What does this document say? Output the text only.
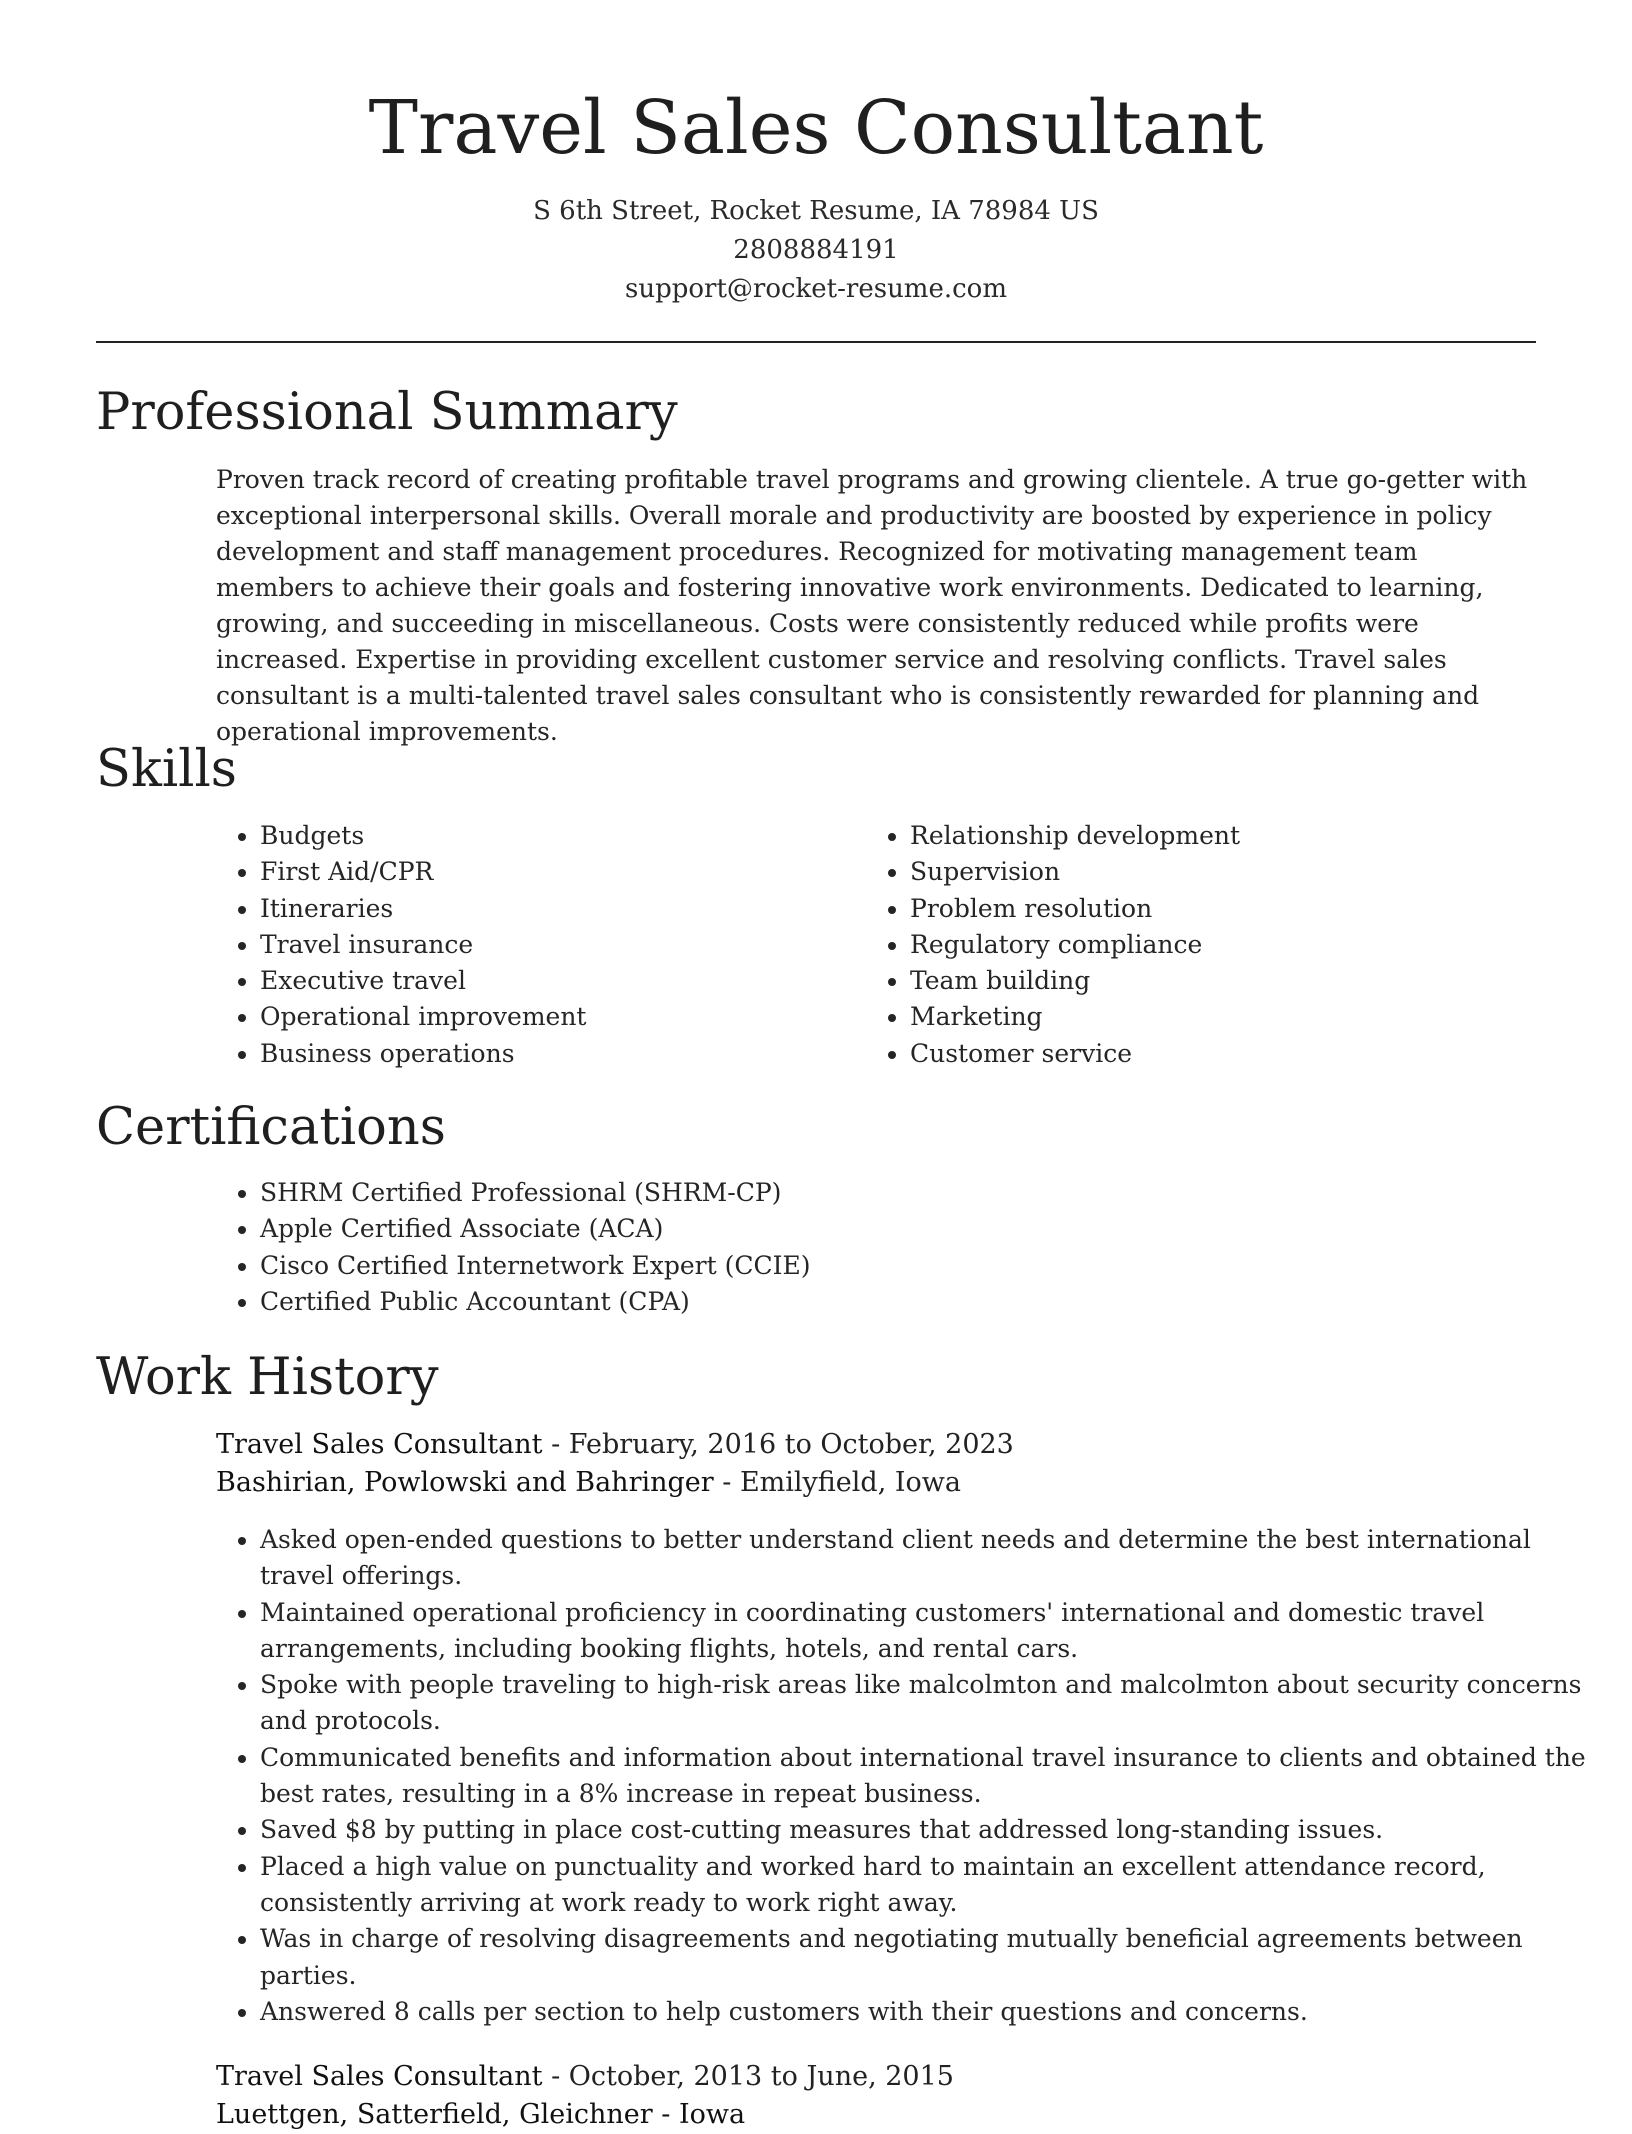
Travel Sales Consultant

S 6th Street, Rocket Resume, IA 78984 US

2808884191

support@rocket-resume.com

Professional Summary

Proven track record of creating profitable travel programs and growing clientele. A true go-getter with exceptional interpersonal skills. Overall morale and productivity are boosted by experience in policy development and staff management procedures. Recognized for motivating management team members to achieve their goals and fostering innovative work environments. Dedicated to learning, growing, and succeeding in miscellaneous. Costs were consistently reduced while profits were increased. Expertise in providing excellent customer service and resolving conflicts. Travel sales consultant is a multi-talented travel sales consultant who is consistently rewarded for planning and operational improvements.

Skills
• Budgets
• First Aid/CPR
• Itineraries
• Travel insurance
• Executive travel
• Operational improvement
• Business operations
• Relationship development
• Supervision
• Problem resolution
• Regulatory compliance
• Team building
• Marketing
• Customer service
Certifications
• SHRM Certified Professional (SHRM-CP)
• Apple Certified Associate (ACA)
• Cisco Certified Internetwork Expert (CCIE)
• Certified Public Accountant (CPA)
Work History
Travel Sales Consultant - February, 2016 to October, 2023
Bashirian, Powlowski and Bahringer - Emilyfield, Iowa
• Asked open-ended questions to better understand client needs and determine the best international travel offerings.
• Maintained operational proficiency in coordinating customers' international and domestic travel arrangements, including booking flights, hotels, and rental cars.
• Spoke with people traveling to high-risk areas like malcolmton and malcolmton about security concerns and protocols.
• Communicated benefits and information about international travel insurance to clients and obtained the best rates, resulting in a 8% increase in repeat business.
• Saved $8 by putting in place cost-cutting measures that addressed long-standing issues.
• Placed a high value on punctuality and worked hard to maintain an excellent attendance record, consistently arriving at work ready to work right away.
• Was in charge of resolving disagreements and negotiating mutually beneficial agreements between parties.
• Answered 8 calls per section to help customers with their questions and concerns.
Travel Sales Consultant - October, 2013 to June, 2015
Luettgen, Satterfield, Gleichner - Iowa
